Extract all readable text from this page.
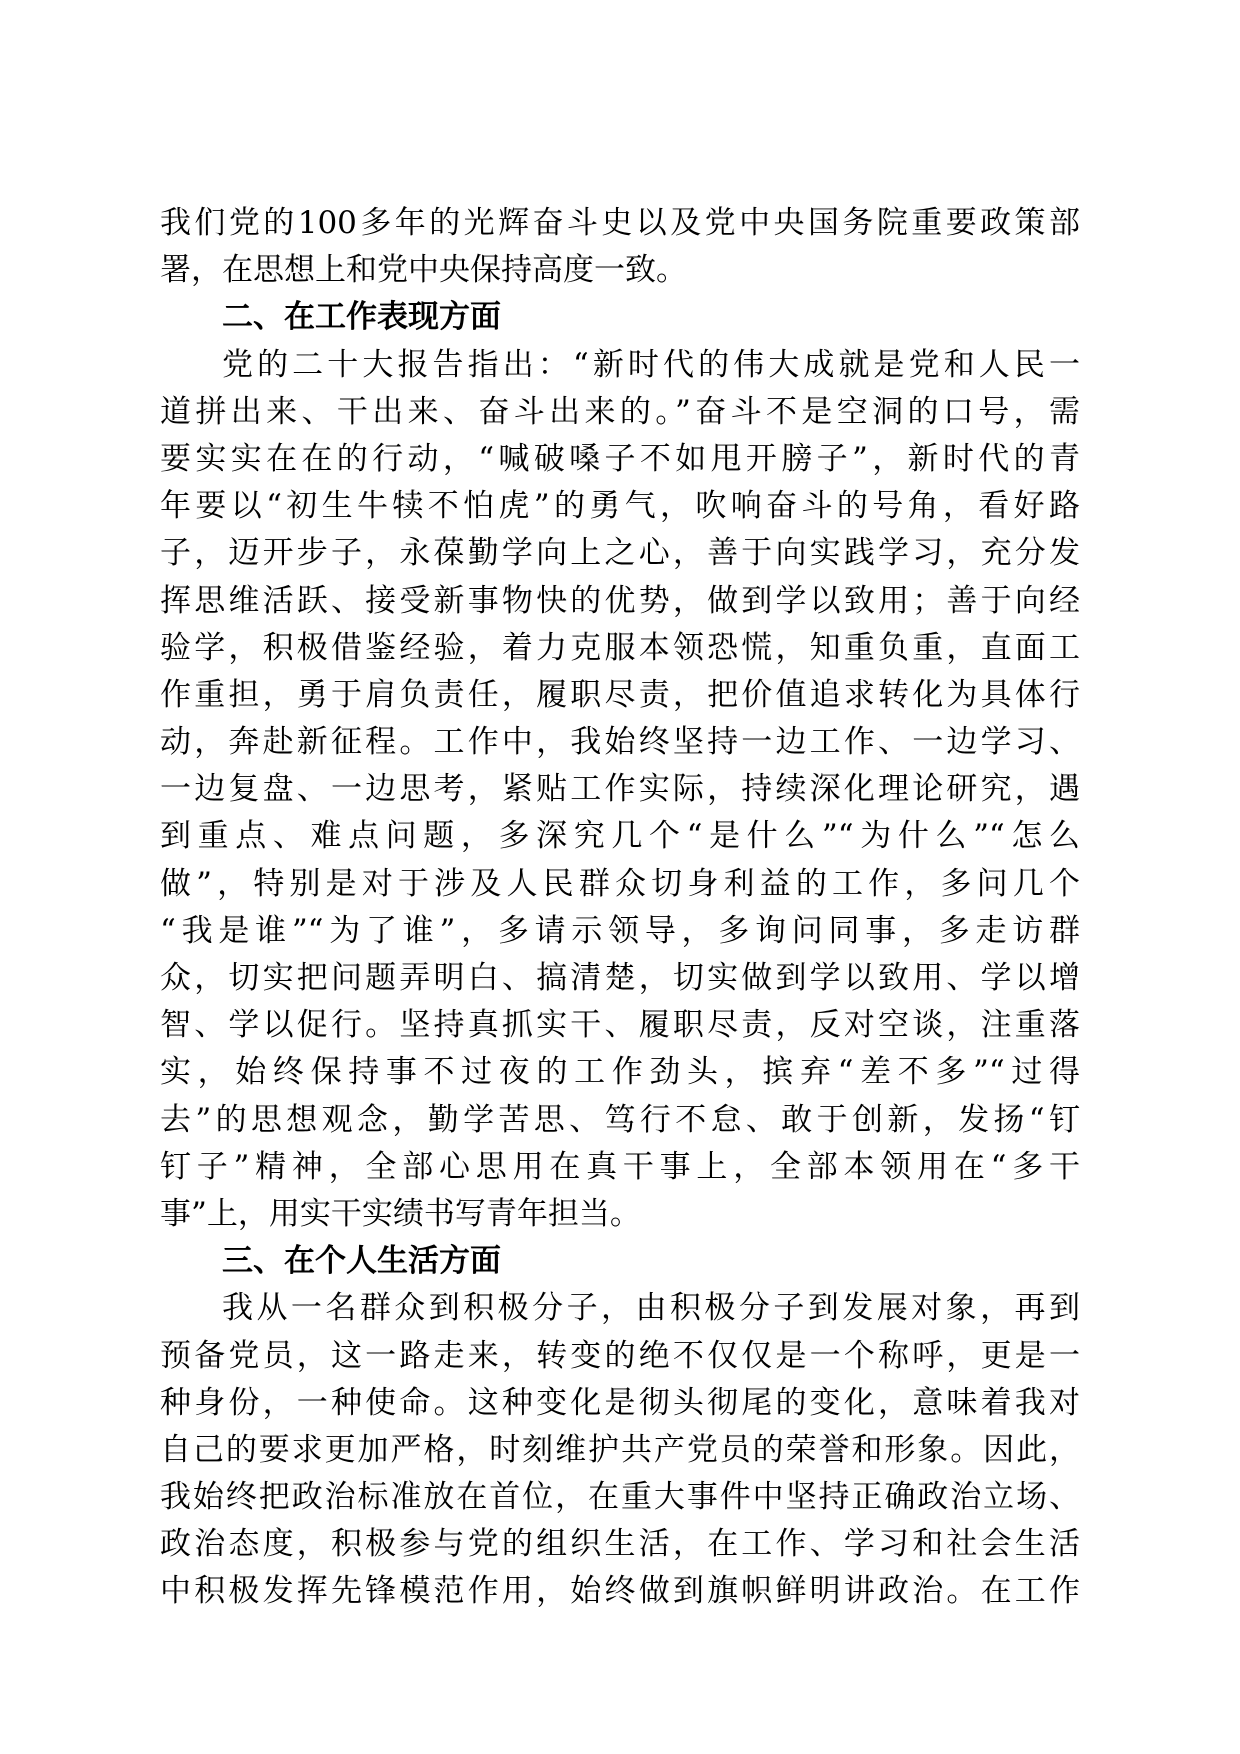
我们党的100多年的光辉奋斗史以及党中央国务院重要政策部
署，在思想上和党中央保持高度一致。
二、在工作表现方面
党的二十大报告指出：“新时代的伟大成就是党和人民一
道拼出来、干出来、奋斗出来的。”奋斗不是空洞的口号，需
要实实在在的行动，“喊破嗓子不如甩开膀子”，新时代的青
年要以“初生牛犊不怕虎”的勇气，吹响奋斗的号角，看好路
子，迈开步子，永葆勤学向上之心，善于向实践学习，充分发
挥思维活跃、接受新事物快的优势，做到学以致用；善于向经
验学，积极借鉴经验，着力克服本领恐慌，知重负重，直面工
作重担，勇于肩负责任，履职尽责，把价值追求转化为具体行
动，奔赴新征程。工作中，我始终坚持一边工作、一边学习、
一边复盘、一边思考，紧贴工作实际，持续深化理论研究，遇
到重点、难点问题，多深究几个“是什么”“为什么”“怎么
做”，特别是对于涉及人民群众切身利益的工作，多问几个
“我是谁”“为了谁”，多请示领导，多询问同事，多走访群
众，切实把问题弄明白、搞清楚，切实做到学以致用、学以增
智、学以促行。坚持真抓实干、履职尽责，反对空谈，注重落
实，始终保持事不过夜的工作劲头，摈弃“差不多”“过得
去”的思想观念，勤学苦思、笃行不怠、敢于创新，发扬“钉
钉子”精神，全部心思用在真干事上，全部本领用在“多干
事”上，用实干实绩书写青年担当。
三、在个人生活方面
我从一名群众到积极分子，由积极分子到发展对象，再到
预备党员，这一路走来，转变的绝不仅仅是一个称呼，更是一
种身份，一种使命。这种变化是彻头彻尾的变化，意味着我对
自己的要求更加严格，时刻维护共产党员的荣誉和形象。因此，
我始终把政治标准放在首位，在重大事件中坚持正确政治立场、
政治态度，积极参与党的组织生活，在工作、学习和社会生活
中积极发挥先锋模范作用，始终做到旗帜鲜明讲政治。在工作
